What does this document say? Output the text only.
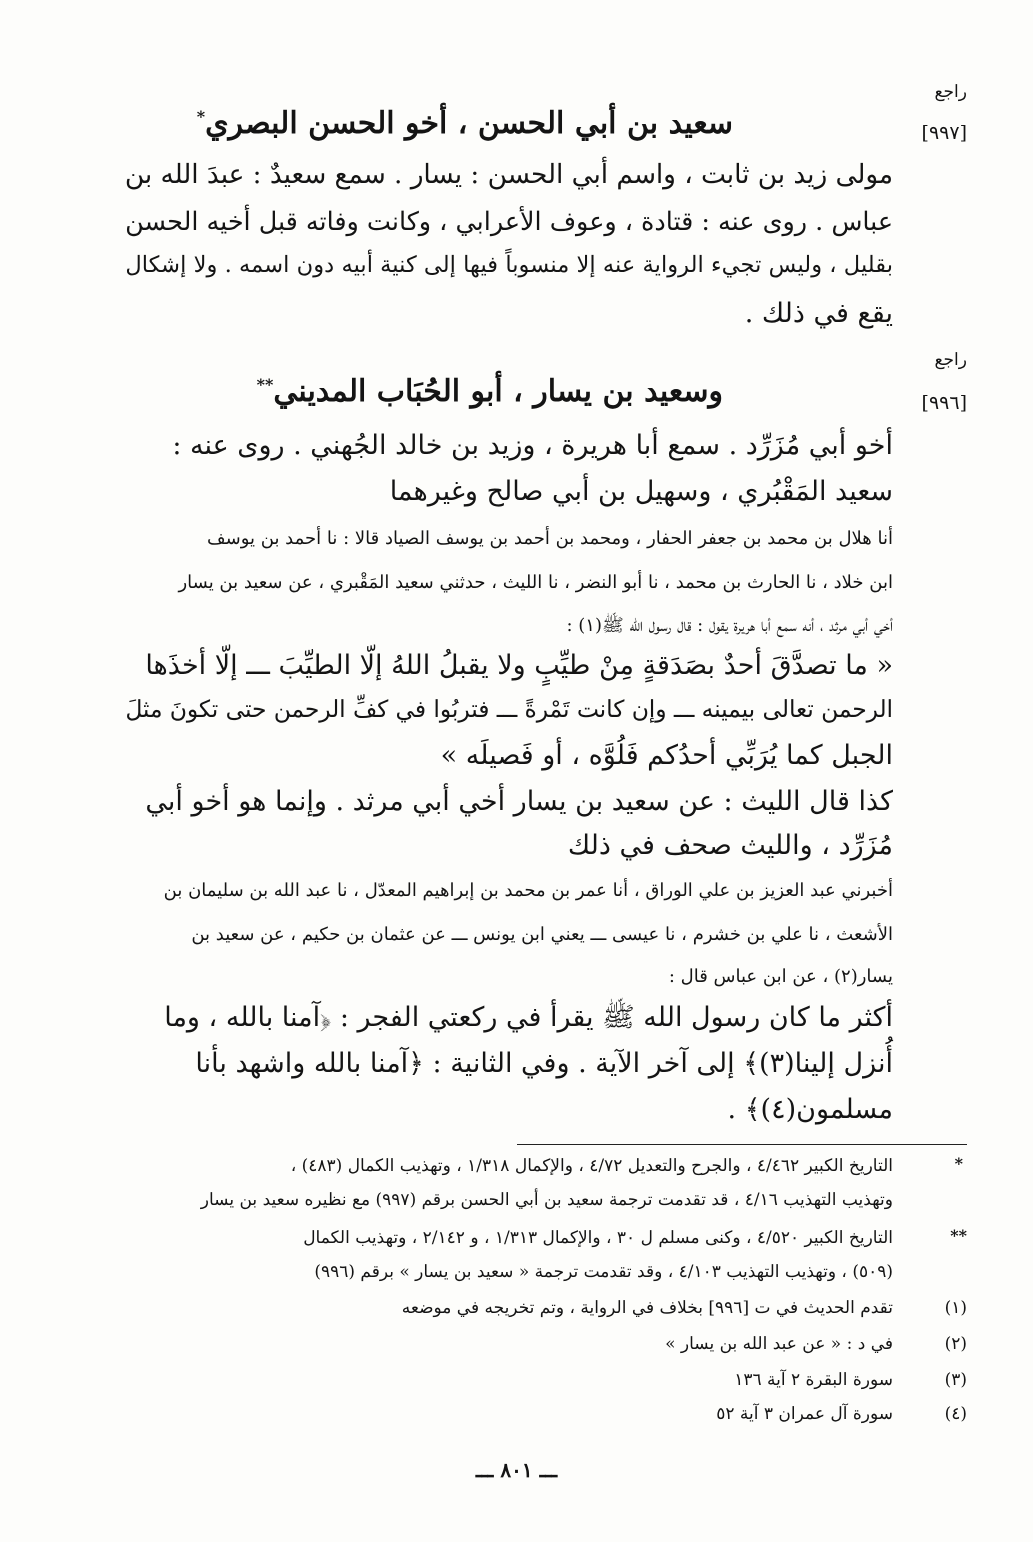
راجع
[٩٩٧]
سعيد بن أبي الحسن ، أخو الحسن البصري*
مولى زيد بن ثابت ، واسم أبي الحسن : يسار . سمع سعيدٌ : عبدَ الله بن
عباس . روى عنه : قتادة ، وعوف الأعرابي ، وكانت وفاته قبل أخيه الحسن
بقليل ، وليس تجيء الرواية عنه إلا منسوباً فيها إلى كنية أبيه دون اسمه . ولا إشكال
يقع في ذلك .
راجع
[٩٩٦]
وسعيد بن يسار ، أبو الحُبَاب المديني**
أخو أبي مُزَرِّد . سمع أبا هريرة ، وزيد بن خالد الجُهني . روى عنه :
سعيد المَقْبُري ، وسهيل بن أبي صالح وغيرهما
أنا هلال بن محمد بن جعفر الحفار ، ومحمد بن أحمد بن يوسف الصياد قالا : نا أحمد بن يوسف
ابن خلاد ، نا الحارث بن محمد ، نا أبو النضر ، نا الليث ، حدثني سعيد المَقْبري ، عن سعيد بن يسار
أخي أبي مرثد ، أنه سمع أبا هريرة يقول : قال رسول الله ﷺ(١) :
« ما تصدَّقَ أحدٌ بصَدَقةٍ مِنْ طيِّبٍ ولا يقبلُ اللهُ إلّا الطيِّبَ ـــ إلّا أخذَها
الرحمن تعالى بيمينه ـــ وإن كانت تَمْرةً ـــ فتربُوا في كفِّ الرحمن حتى تكونَ مثلَ
الجبل كما يُرَبِّي أحدُكم فَلُوَّه ، أو فَصيلَه »
كذا قال الليث : عن سعيد بن يسار أخي أبي مرثد . وإنما هو أخو أبي
مُزَرِّد ، والليث صحف في ذلك
أخبرني عبد العزيز بن علي الوراق ، أنا عمر بن محمد بن إبراهيم المعدّل ، نا عبد الله بن سليمان بن
الأشعث ، نا علي بن خشرم ، نا عيسى ـــ يعني ابن يونس ـــ عن عثمان بن حكيم ، عن سعيد بن
يسار(٢) ، عن ابن عباس قال :
أكثر ما كان رسول الله ﷺ يقرأ في ركعتي الفجر : ﴿آمنا بالله ، وما
أُنزل إلينا(٣)﴾ إلى آخر الآية . وفي الثانية : ﴿آمنا بالله واشهد بأنا
مسلمون(٤)﴾ .
*
التاريخ الكبير ٤/٤٦٢ ، والجرح والتعديل ٤/٧٢ ، والإكمال ١/٣١٨ ، وتهذيب الكمال (٤٨٣) ،
وتهذيب التهذيب ٤/١٦ ، قد تقدمت ترجمة سعيد بن أبي الحسن برقم (٩٩٧) مع نظيره سعيد بن يسار
**
التاريخ الكبير ٤/٥٢٠ ، وكنى مسلم ل ٣٠ ، والإكمال ١/٣١٣ ، و ٢/١٤٢ ، وتهذيب الكمال
(٥٠٩) ، وتهذيب التهذيب ٤/١٠٣ ، وقد تقدمت ترجمة « سعيد بن يسار » برقم (٩٩٦)
(١)
تقدم الحديث في ت [٩٩٦] بخلاف في الرواية ، وتم تخريجه في موضعه
(٢)
في د : « عن عبد الله بن يسار »
(٣)
سورة البقرة ٢ آية ١٣٦
(٤)
سورة آل عمران ٣ آية ٥٢
ـــ ٨٠١ ـــ
